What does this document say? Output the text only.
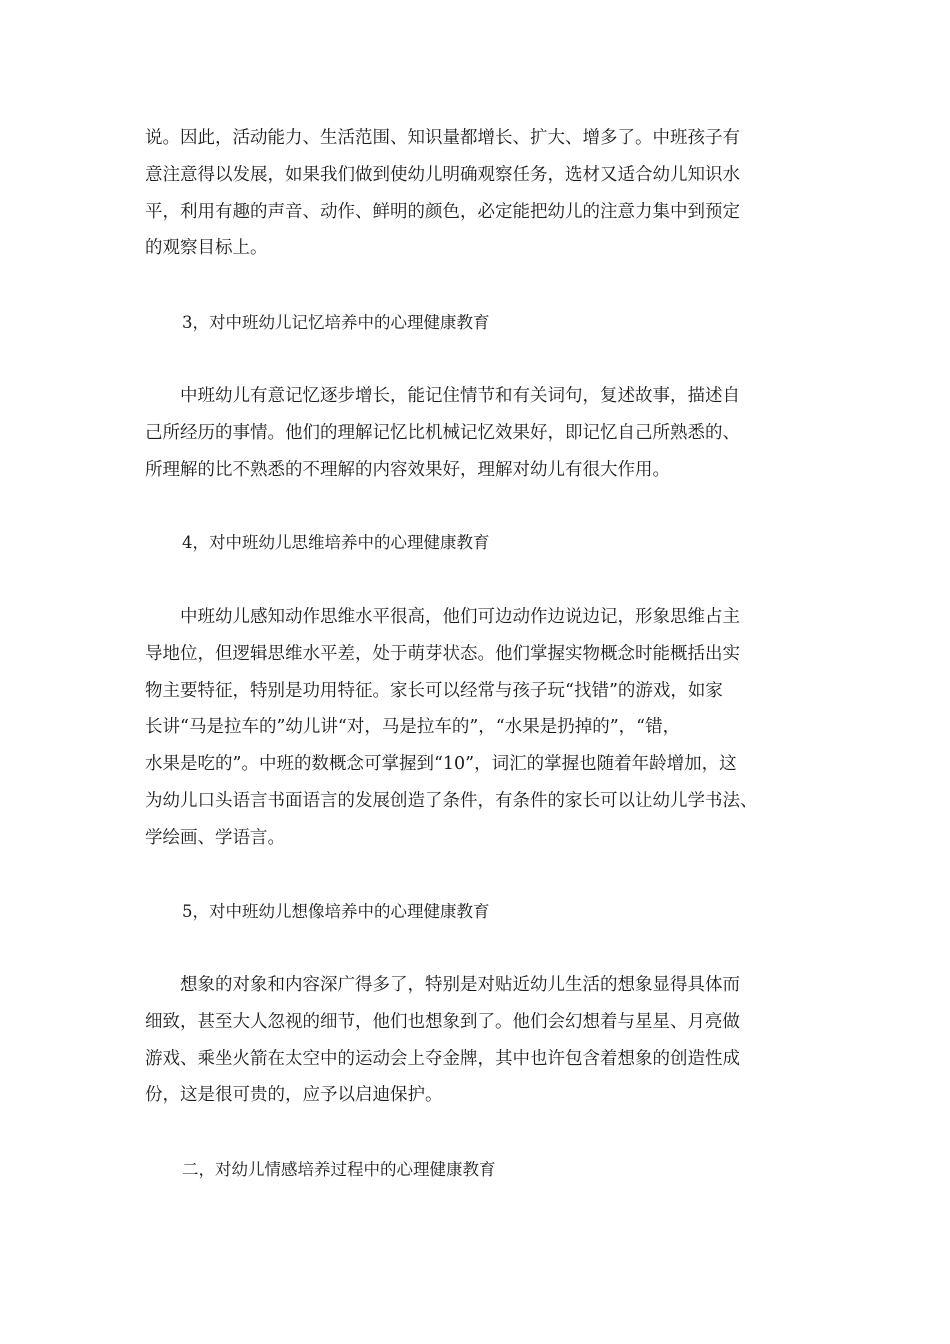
说。因此，活动能力、生活范围、知识量都增长、扩大、增多了。中班孩子有
意注意得以发展，如果我们做到使幼儿明确观察任务，选材又适合幼儿知识水
平，利用有趣的声音、动作、鲜明的颜色，必定能把幼儿的注意力集中到预定
的观察目标上。
3，对中班幼儿记忆培养中的心理健康教育
　　中班幼儿有意记忆逐步增长，能记住情节和有关词句，复述故事，描述自
己所经历的事情。他们的理解记忆比机械记忆效果好，即记忆自己所熟悉的、
所理解的比不熟悉的不理解的内容效果好，理解对幼儿有很大作用。
4，对中班幼儿思维培养中的心理健康教育
　　中班幼儿感知动作思维水平很高，他们可边动作边说边记，形象思维占主
导地位，但逻辑思维水平差，处于萌芽状态。他们掌握实物概念时能概括出实
物主要特征，特别是功用特征。家长可以经常与孩子玩“找错”的游戏，如家
长讲“马是拉车的”幼儿讲“对，马是拉车的”，“水果是扔掉的”，“错，
水果是吃的”。中班的数概念可掌握到“10”，词汇的掌握也随着年龄增加，这
为幼儿口头语言书面语言的发展创造了条件，有条件的家长可以让幼儿学书法、
学绘画、学语言。
5，对中班幼儿想像培养中的心理健康教育
　　想象的对象和内容深广得多了，特别是对贴近幼儿生活的想象显得具体而
细致，甚至大人忽视的细节，他们也想象到了。他们会幻想着与星星、月亮做
游戏、乘坐火箭在太空中的运动会上夺金牌，其中也许包含着想象的创造性成
份，这是很可贵的，应予以启迪保护。
二，对幼儿情感培养过程中的心理健康教育
